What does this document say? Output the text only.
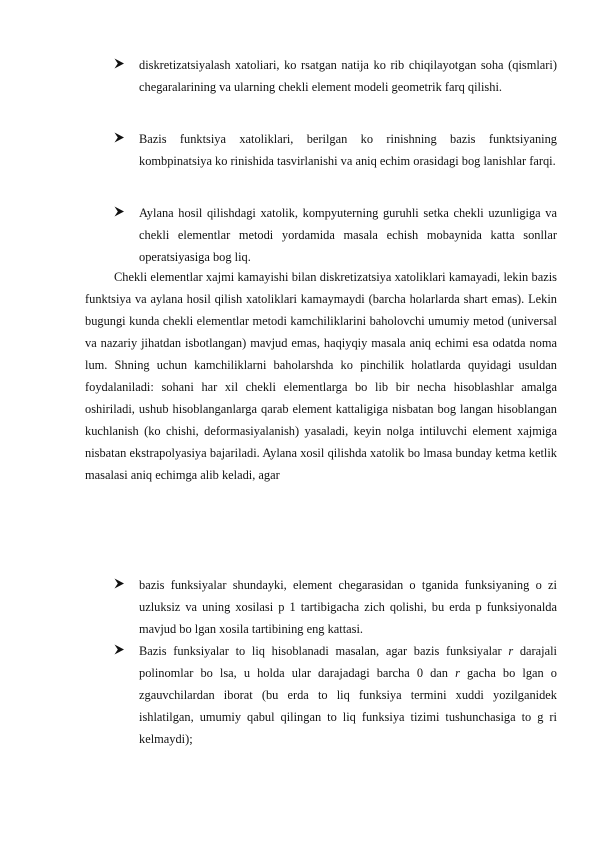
diskretizatsiyalash xatoliari, ko rsatgan natija ko rib chiqilayotgan soha (qismlari) chegaralarining va ularning chekli element modeli geometrik farq qilishi.
Bazis funktsiya xatoliklari, berilgan ko rinishning bazis funktsiyaning kombpinatsiya ko rinishida tasvirlanishi va aniq echim orasidagi bog lanishlar farqi.
Aylana hosil qilishdagi xatolik, kompyuterning guruhli setka chekli uzunligiga va chekli elementlar metodi yordamida masala echish mobaynida katta sonllar operatsiyasiga bog liq.
Chekli elementlar xajmi kamayishi bilan diskretizatsiya xatoliklari kamayadi, lekin bazis funktsiya va aylana hosil qilish xatoliklari kamaymaydi (barcha holarlarda shart emas). Lekin bugungi kunda chekli elementlar metodi kamchiliklarini baholovchi umumiy metod (universal va nazariy jihatdan isbotlangan) mavjud emas, haqiyqiy masala aniq echimi esa odatda noma lum. Shning uchun kamchiliklarni baholarshda ko pinchilik holatlarda quyidagi usuldan foydalaniladi: sohani har xil chekli elementlarga bo lib bir necha hisoblashlar amalga oshiriladi, ushub hisoblanganlarga qarab element kattaligiga nisbatan bog langan hisoblangan kuchlanish (ko chishi, deformasiyalanish) yasaladi, keyin nolga intiluvchi element xajmiga nisbatan ekstrapolyasiya bajariladi. Aylana xosil qilishda xatolik bo lmasa bunday ketma ketlik masalasi aniq echimga alib keladi, agar
bazis funksiyalar shundayki, element chegarasidan o tganida funksiyaning o zi uzluksiz va uning xosilasi p 1 tartibigacha zich qolishi, bu erda p funksiyonalda mavjud bo lgan xosila tartibining eng kattasi.
Bazis funksiyalar to liq hisoblanadi masalan, agar bazis funksiyalar r darajali polinomlar bo lsa, u holda ular darajadagi barcha 0 dan r gacha bo lgan o zgauvchilardan iborat (bu erda to liq funksiya termini xuddi yozilganidek ishlatilgan, umumiy qabul qilingan to liq funksiya tizimi tushunchasiga to g ri kelmaydi);
